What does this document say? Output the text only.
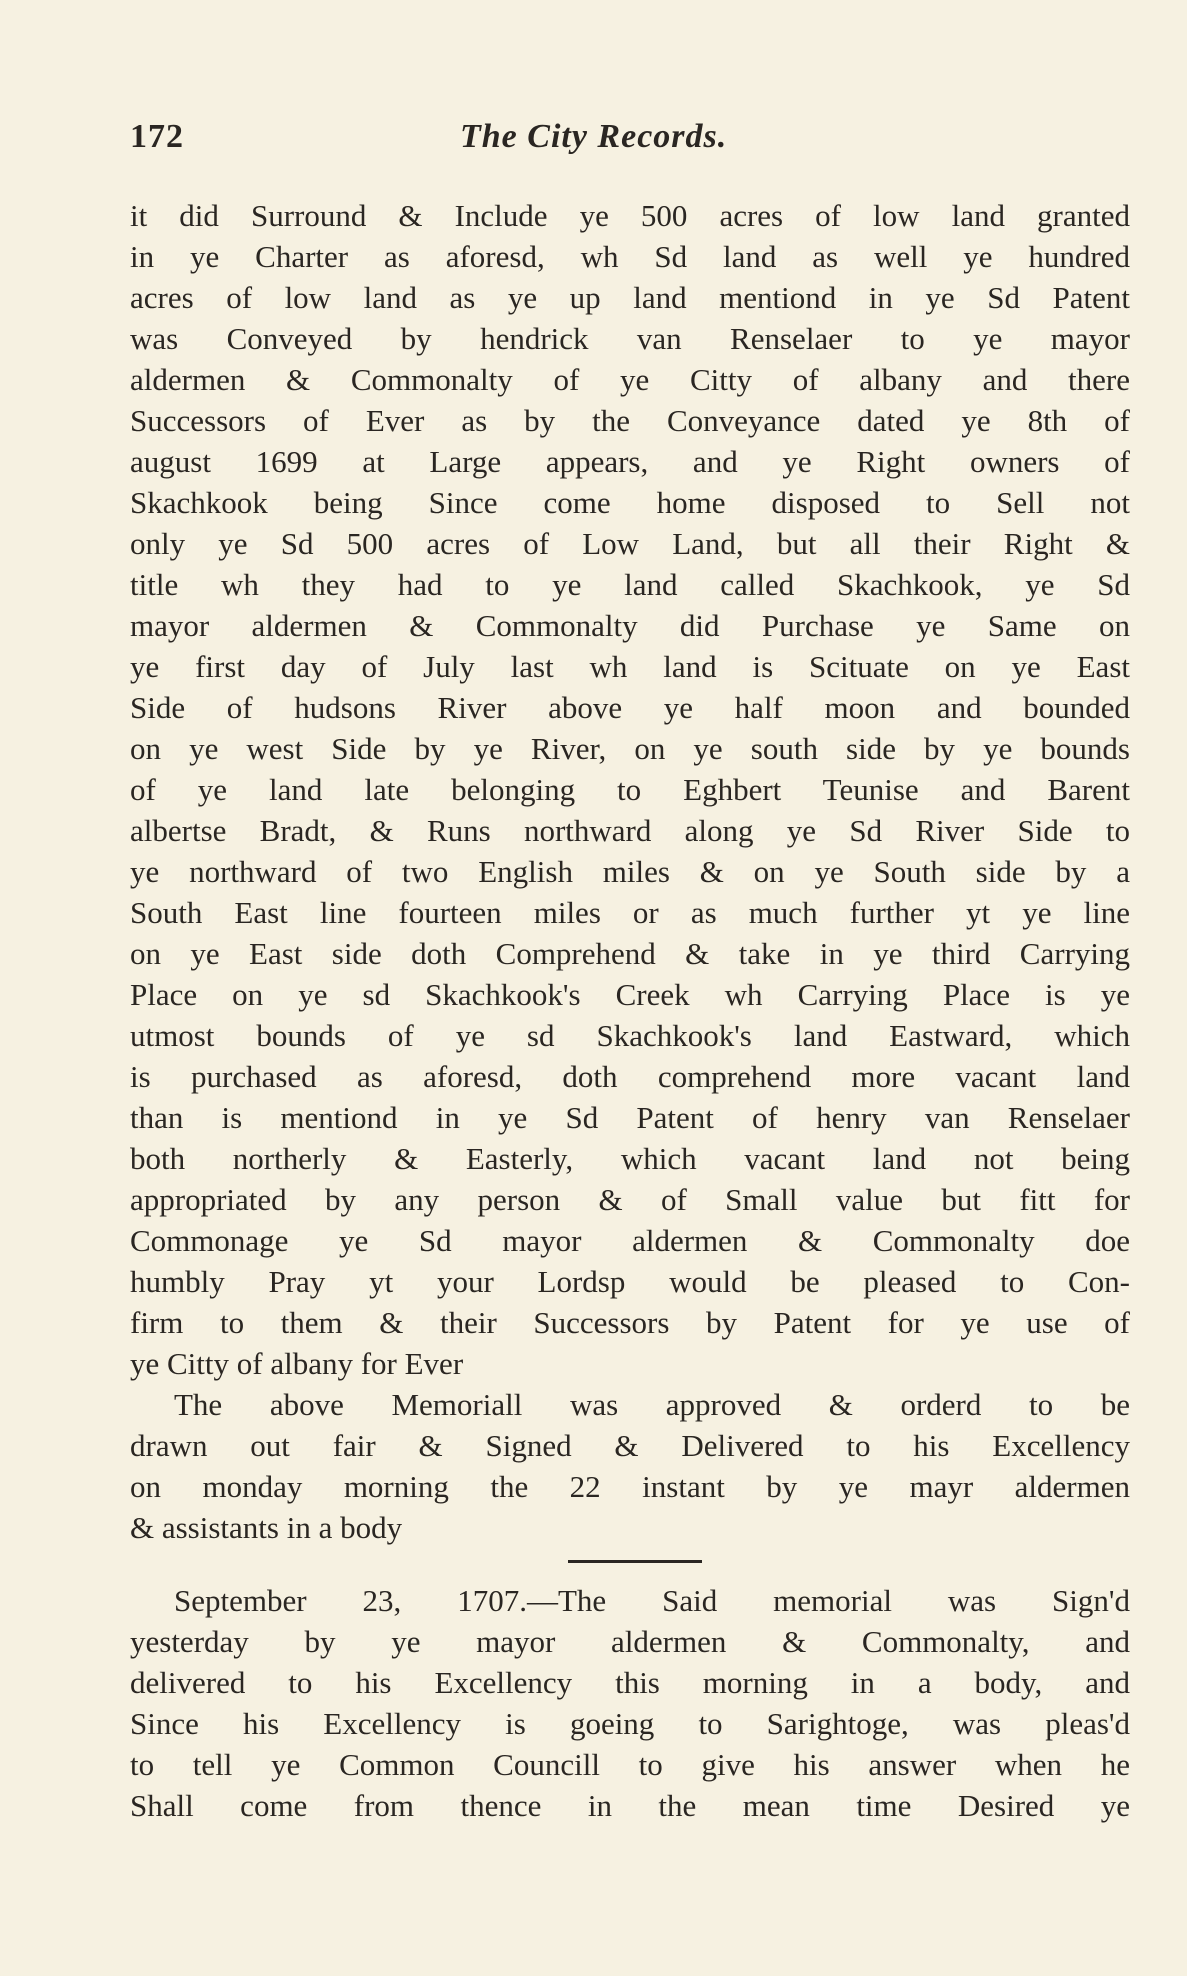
172	The City Records.
it did Surround & Include ye 500 acres of low land granted
in ye Charter as aforesd, wh Sd land as well ye hundred
acres of low land as ye up land mentiond in ye Sd Patent
was Conveyed by hendrick van Renselaer to ye mayor
aldermen & Commonalty of ye Citty of albany and there
Successors of Ever as by the Conveyance dated ye 8th of
august 1699 at Large appears, and ye Right owners of
Skachkook being Since come home disposed to Sell not
only ye Sd 500 acres of Low Land, but all their Right &
title wh they had to ye land called Skachkook, ye Sd
mayor aldermen & Commonalty did Purchase ye Same on
ye first day of July last wh land is Scituate on ye East
Side of hudsons River above ye half moon and bounded
on ye west Side by ye River, on ye south side by ye bounds
of ye land late belonging to Eghbert Teunise and Barent
albertse Bradt, & Runs northward along ye Sd River Side to
ye northward of two English miles & on ye South side by a
South East line fourteen miles or as much further yt ye line
on ye East side doth Comprehend & take in ye third Carrying
Place on ye sd Skachkook's Creek wh Carrying Place is ye
utmost bounds of ye sd Skachkook's land Eastward, which
is purchased as aforesd, doth comprehend more vacant land
than is mentiond in ye Sd Patent of henry van Renselaer
both northerly & Easterly, which vacant land not being
appropriated by any person & of Small value but fitt for
Commonage ye Sd mayor aldermen & Commonalty doe
humbly Pray yt your Lordsp would be pleased to Con-
firm to them & their Successors by Patent for ye use of
ye Citty of albany for Ever
The above Memoriall was approved & orderd to be
drawn out fair & Signed & Delivered to his Excellency
on monday morning the 22 instant by ye mayr aldermen
& assistants in a body
September 23, 1707.—The Said memorial was Sign'd
yesterday by ye mayor aldermen & Commonalty, and
delivered to his Excellency this morning in a body, and
Since his Excellency is goeing to Sarightoge, was pleas'd
to tell ye Common Councill to give his answer when he
Shall come from thence in the mean time Desired ye
